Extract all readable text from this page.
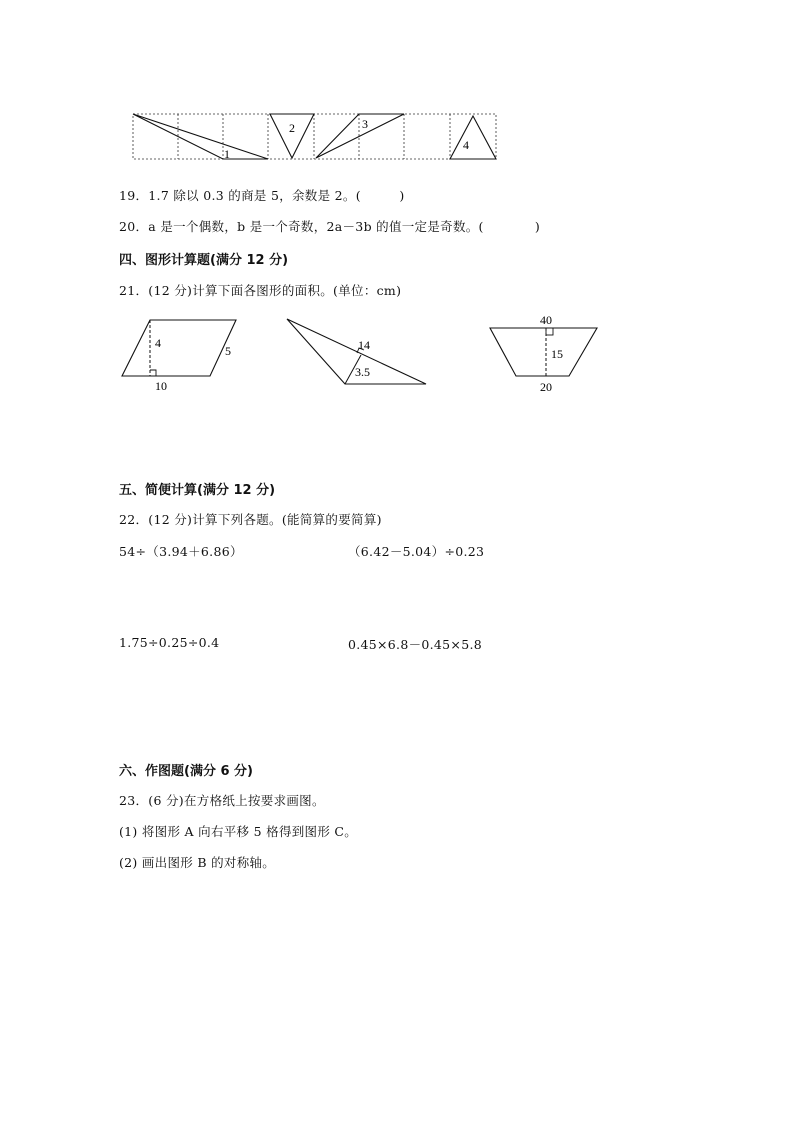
1
2	3
4
19．1.7 除以 0.3 的商是 5，余数是 2。(　　　)
20．a 是一个偶数，b 是一个奇数，2a－3b 的值一定是奇数。(　　　　)
四、图形计算题(满分 12 分)
21．(12 分)计算下面各图形的面积。(单位：cm)
4
5
10
14
3.5
40
15
20
五、简便计算(满分 12 分)
22．(12 分)计算下列各题。(能简算的要简算)
54÷（3.94＋6.86）	（6.42－5.04）÷0.23
1.75÷0.25÷0.4	0.45×6.8－0.45×5.8
六、作图题(满分 6 分)
23．(6 分)在方格纸上按要求画图。
(1) 将图形 A 向右平移 5 格得到图形 C。
(2) 画出图形 B 的对称轴。
